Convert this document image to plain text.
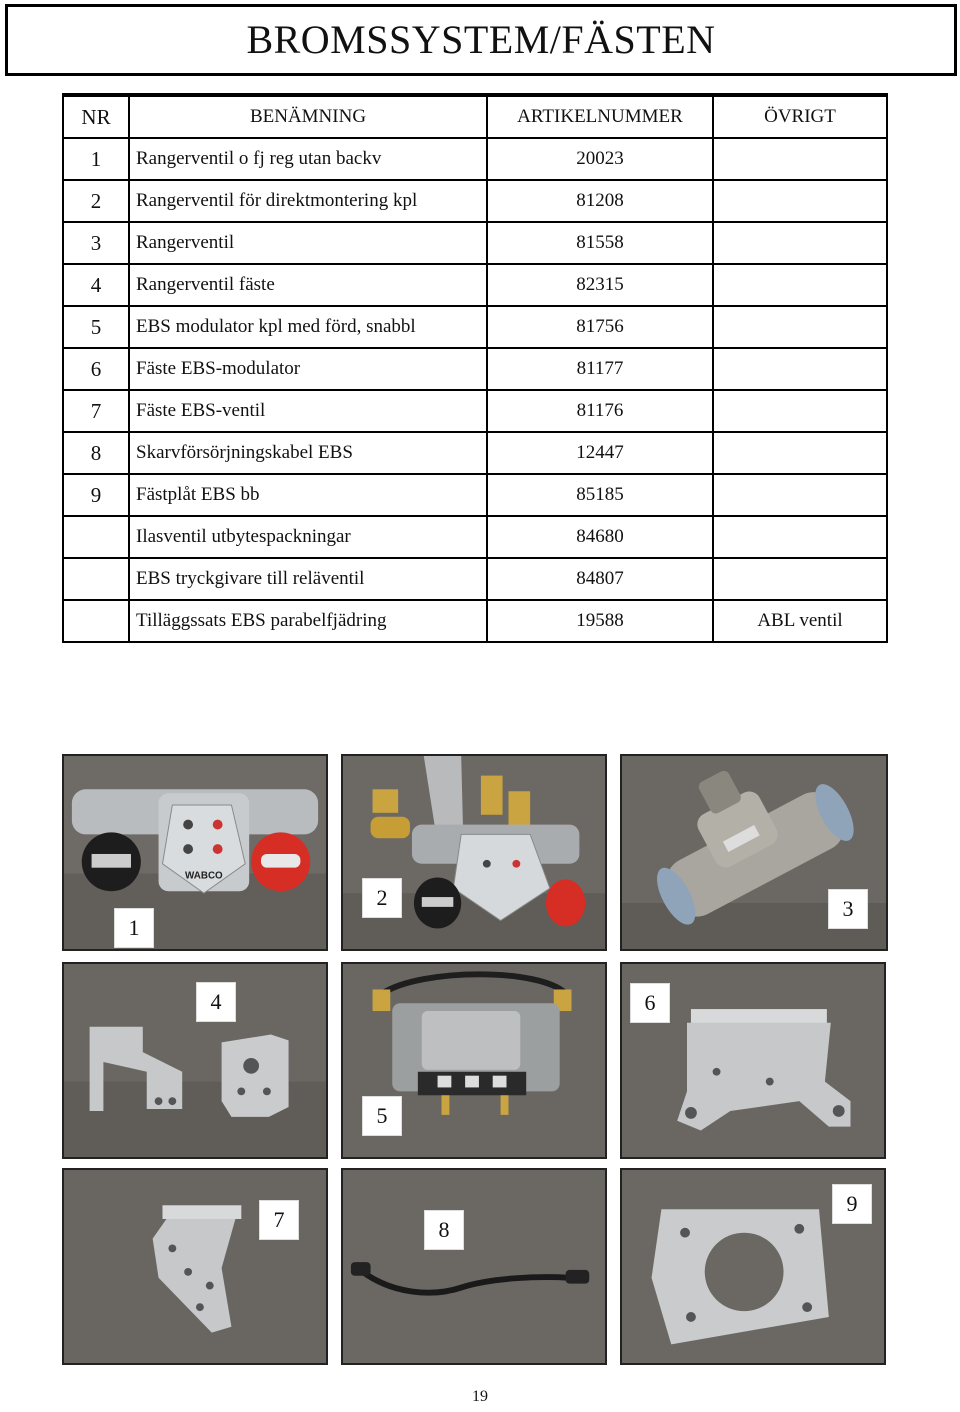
BROMSSYSTEM/FÄSTEN
NR	BENÄMNING	ARTIKELNUMMER	ÖVRIGT
1	Rangerventil o fj reg utan backv	20023	
2	Rangerventil för direktmontering kpl	81208	
3	Rangerventil	81558	
4	Rangerventil fäste	82315	
5	EBS modulator kpl med förd, snabbl	81756	
6	Fäste EBS-modulator	81177	
7	Fäste EBS-ventil	81176	
8	Skarvförsörjningskabel EBS	12447	
9	Fästplåt EBS bb	85185	
	Ilasventil utbytespackningar	84680	
	EBS tryckgivare till reläventil	84807	
	Tilläggssats EBS parabelfjädring	19588	ABL ventil
WABCO
1
2	3
4
5
6
7	8
9
19
